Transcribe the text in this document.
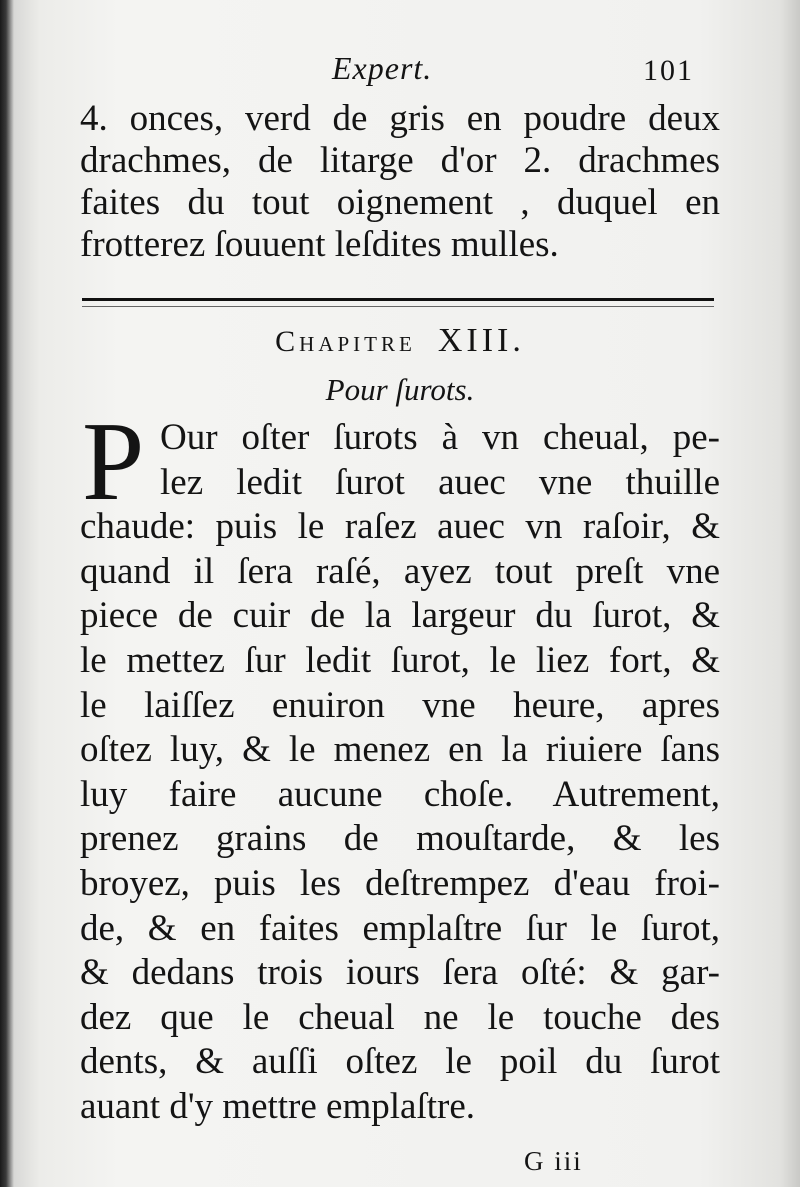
Expert.	101
4. onces, verd de gris en poudre deux
drachmes, de litarge d'or 2. drachmes
faites du tout oignement , duquel en
frotterez ſouuent leſdites mulles.
Chapitre XIII.
Pour ſurots.
P Our oſter ſurots à vn cheual, pe-
lez ledit ſurot auec vne thuille
chaude: puis le raſez auec vn raſoir, &
quand il ſera raſé, ayez tout preſt vne
piece de cuir de la largeur du ſurot, &
le mettez ſur ledit ſurot, le liez fort, &
le laiſſez enuiron vne heure, apres
oſtez luy, & le menez en la riuiere ſans
luy faire aucune choſe. Autrement,
prenez grains de mouſtarde, & les
broyez, puis les deſtrempez d'eau froi-
de, & en faites emplaſtre ſur le ſurot,
& dedans trois iours ſera oſté: & gar-
dez que le cheual ne le touche des
dents, & auſſi oſtez le poil du ſurot
auant d'y mettre emplaſtre.
G iii
